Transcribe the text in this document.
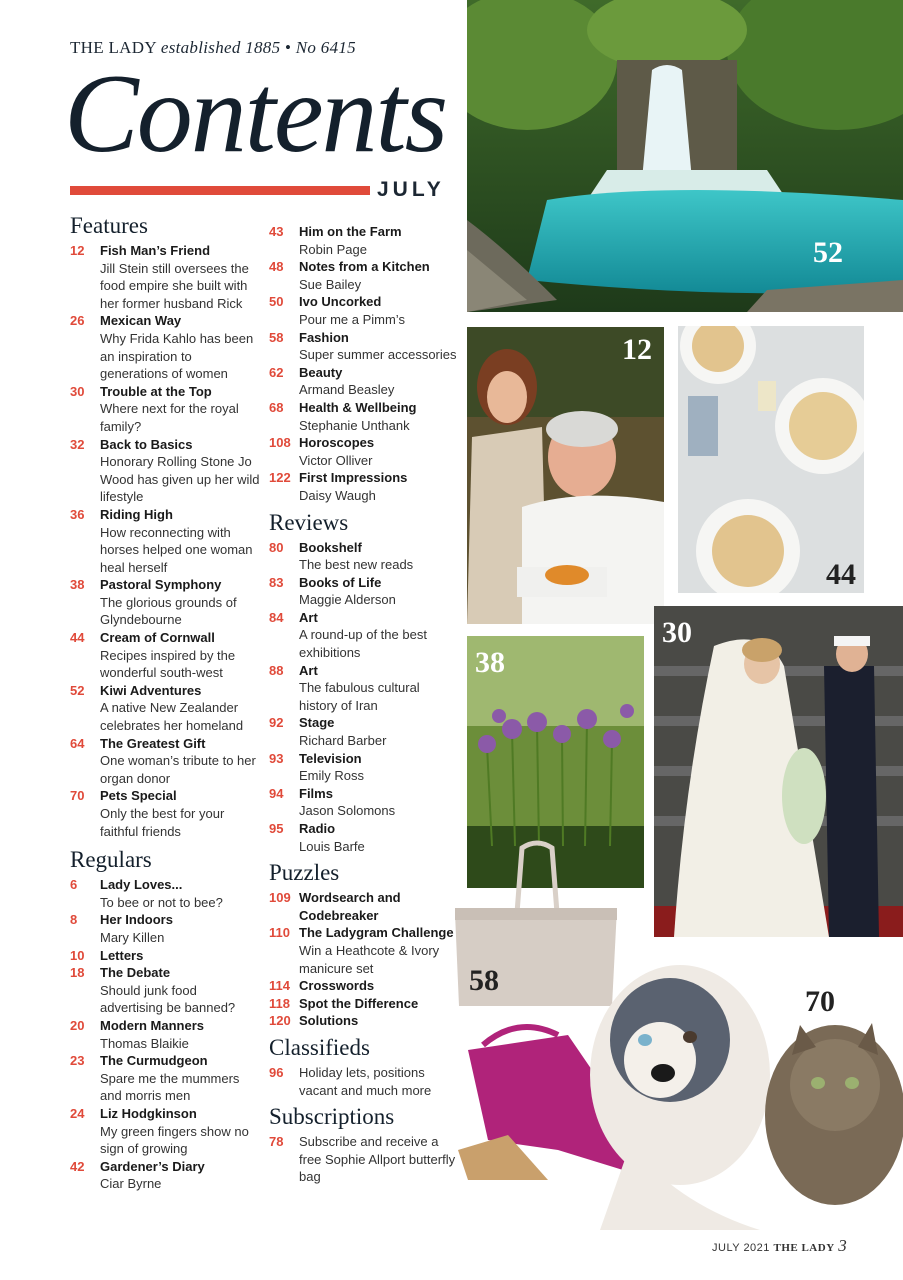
THE LADY established 1885 • No 6415
Contents
JULY
Features
12	Fish Man’s Friend
Jill Stein still oversees the food empire she built with her former husband Rick
26	Mexican Way
Why Frida Kahlo has been an inspiration to generations of women
30	Trouble at the Top
Where next for the royal family?
32	Back to Basics
Honorary Rolling Stone Jo Wood has given up her wild lifestyle
36	Riding High
How reconnecting with horses helped one woman heal herself
38	Pastoral Symphony
The glorious grounds of Glyndebourne
44	Cream of Cornwall
Recipes inspired by the wonderful south-west
52	Kiwi Adventures
A native New Zealander celebrates her homeland
64	The Greatest Gift
One woman’s tribute to her organ donor
70	Pets Special
Only the best for your faithful friends
Regulars
6	Lady Loves...
To bee or not to bee?
8	Her Indoors
Mary Killen
10	Letters
18	The Debate
Should junk food advertising be banned?
20	Modern Manners
Thomas Blaikie
23	The Curmudgeon
Spare me the mummers and morris men
24	Liz Hodgkinson
My green fingers show no sign of growing
42	Gardener’s Diary
Ciar Byrne
43	Him on the Farm
Robin Page
48	Notes from a Kitchen
Sue Bailey
50	Ivo Uncorked
Pour me a Pimm’s
58	Fashion
Super summer accessories
62	Beauty
Armand Beasley
68	Health & Wellbeing
Stephanie Unthank
108 Horoscopes
Victor Olliver
122 First Impressions
Daisy Waugh
Reviews
80	Bookshelf
The best new reads
83	Books of Life
Maggie Alderson
84	Art
A round-up of the best exhibitions
88	Art
The fabulous cultural history of Iran
92	Stage
Richard Barber
93	Television
Emily Ross
94	Films
Jason Solomons
95	Radio
Louis Barfe
Puzzles
109 Wordsearch and Codebreaker
110 The Ladygram Challenge
Win a Heathcote & Ivory manicure set
114 Crosswords
118 Spot the Difference
120 Solutions
Classifieds
96	Holiday lets, positions vacant and much more
Subscriptions
78	Subscribe and receive a free Sophie Allport butterfly bag
52
12
44
30
38
58
70
JULY 2021 THE LADY 3
